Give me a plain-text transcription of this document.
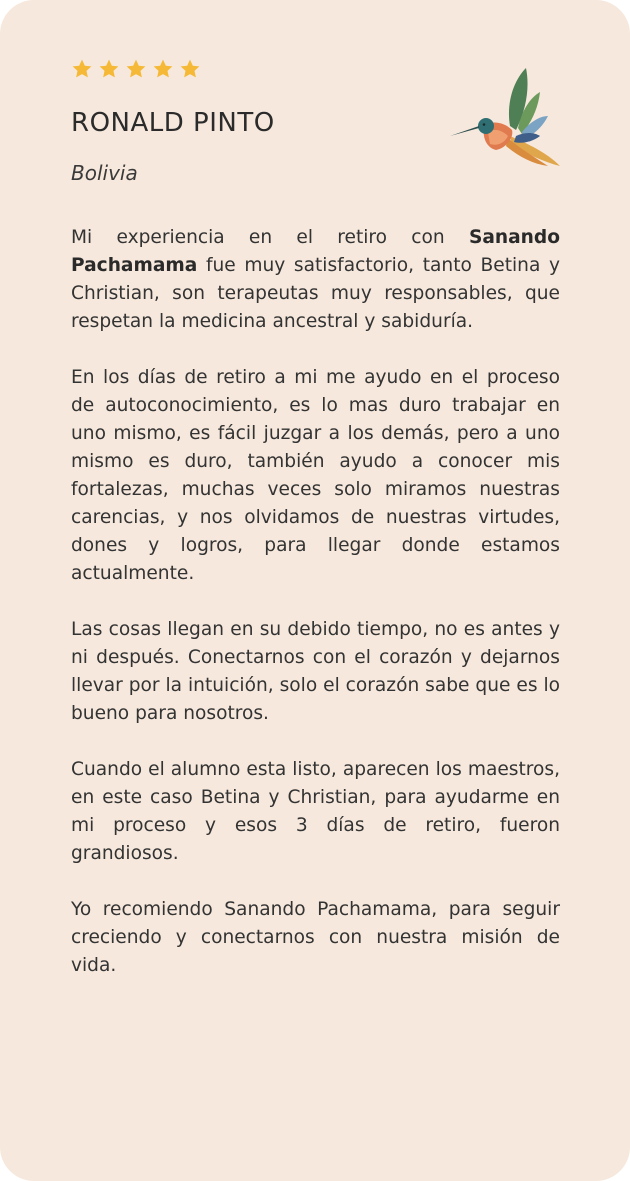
RONALD PINTO

Bolivia

Mi experiencia en el retiro con Sanando Pachamama fue muy satisfactorio, tanto Betina y Christian, son terapeutas muy responsables, que respetan la medicina ancestral y sabiduría.

En los días de retiro a mi me ayudo en el proceso de autoconocimiento, es lo mas duro trabajar en uno mismo, es fácil juzgar a los demás, pero a uno mismo es duro, también ayudo a conocer mis fortalezas, muchas veces solo miramos nuestras carencias, y nos olvidamos de nuestras virtudes, dones y logros, para llegar donde estamos actualmente.

Las cosas llegan en su debido tiempo, no es antes y ni después. Conectarnos con el corazón y dejarnos llevar por la intuición, solo el corazón sabe que es lo bueno para nosotros.

Cuando el alumno esta listo, aparecen los maestros, en este caso Betina y Christian, para ayudarme en mi proceso y esos 3 días de retiro, fueron grandiosos.

Yo recomiendo Sanando Pachamama, para seguir creciendo y conectarnos con nuestra misión de vida.
